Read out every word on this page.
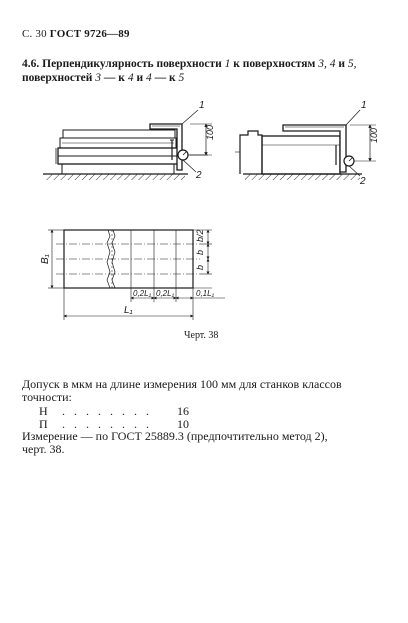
С. 30 ГОСТ 9726—89
4.6. Перпендикулярность поверхности 1 к поверхностям 3, 4 и 5,
поверхностей 3 — к 4 и 4 — к 5
1
2
1
2
100	100
b/2
b
b
B₁
0,2L₁ 0,2L₁	0,1L₁
L₁
Черт. 38
Допуск в мкм на длине измерения 100 мм для станков классов
точности:
Н . . . . . . . . 16
П . . . . . . . . 10
Измерение — по ГОСТ 25889.3 (предпочтительно метод 2),
черт. 38.
